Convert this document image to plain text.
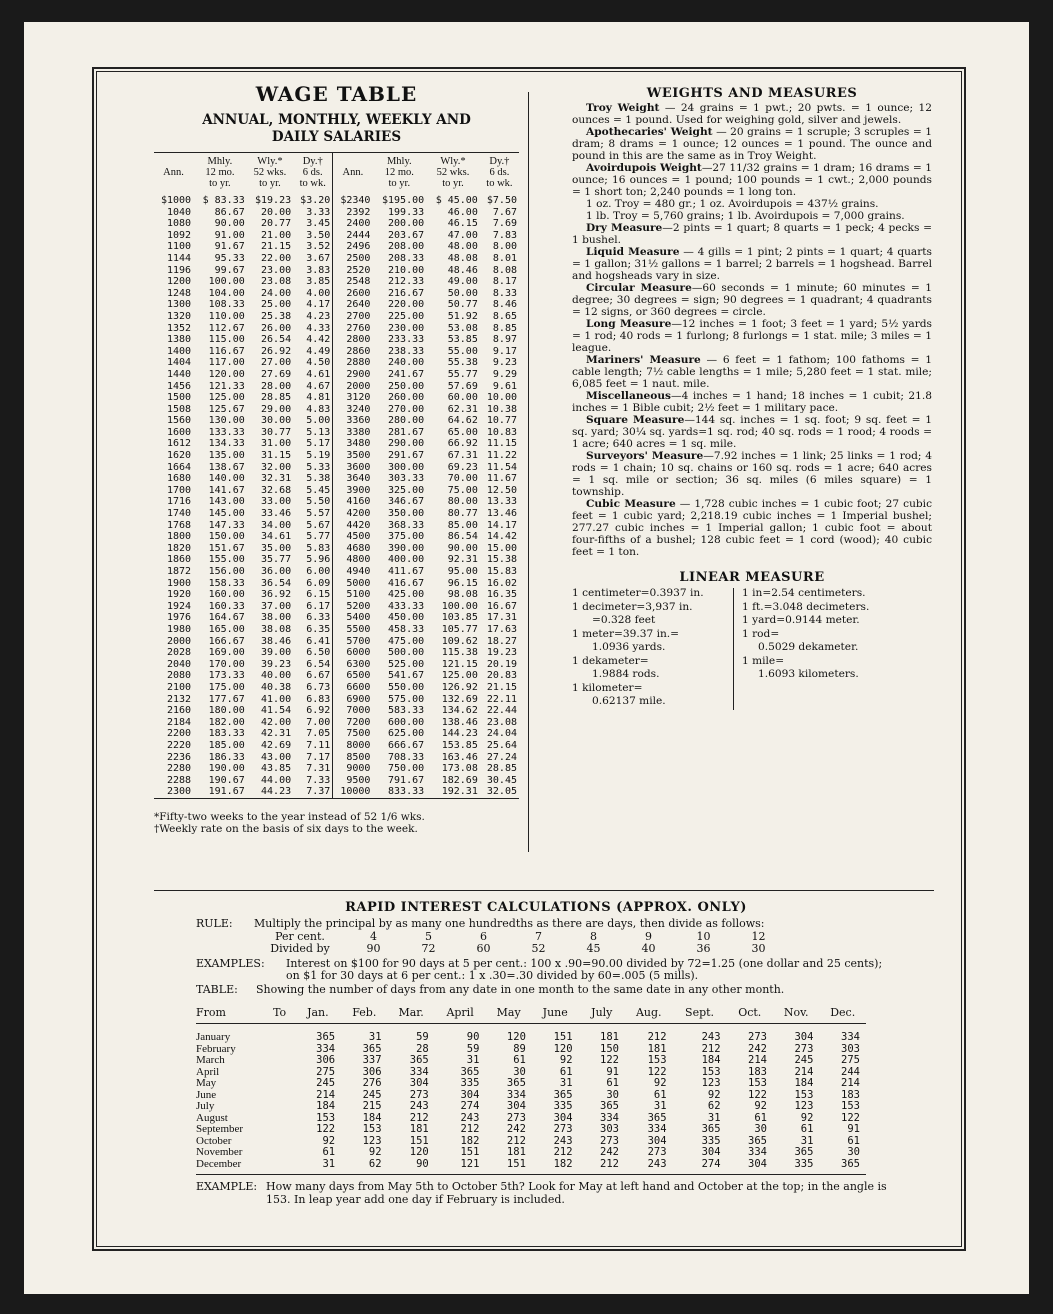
WAGE TABLE
ANNUAL, MONTHLY, WEEKLY AND
DAILY SALARIES
	Mhly.	Wly.*	Dy.†		Mhly.	Wly.*	Dy.†
Ann.	12 mo.	52 wks.	6 ds.	Ann.	12 mo.	52 wks.	6 ds.
	to yr.	to yr.	to wk.		to yr.	to yr.	to wk.
$1000	$ 83.33	$19.23	$3.20	$2340	$195.00	$ 45.00	$7.50
1040	86.67	20.00	3.33	2392	199.33	46.00	7.67
1080	90.00	20.77	3.45	2400	200.00	46.15	7.69
1092	91.00	21.00	3.50	2444	203.67	47.00	7.83
1100	91.67	21.15	3.52	2496	208.00	48.00	8.00
1144	95.33	22.00	3.67	2500	208.33	48.08	8.01
1196	99.67	23.00	3.83	2520	210.00	48.46	8.08
1200	100.00	23.08	3.85	2548	212.33	49.00	8.17
1248	104.00	24.00	4.00	2600	216.67	50.00	8.33
1300	108.33	25.00	4.17	2640	220.00	50.77	8.46
1320	110.00	25.38	4.23	2700	225.00	51.92	8.65
1352	112.67	26.00	4.33	2760	230.00	53.08	8.85
1380	115.00	26.54	4.42	2800	233.33	53.85	8.97
1400	116.67	26.92	4.49	2860	238.33	55.00	9.17
1404	117.00	27.00	4.50	2880	240.00	55.38	9.23
1440	120.00	27.69	4.61	2900	241.67	55.77	9.29
1456	121.33	28.00	4.67	2000	250.00	57.69	9.61
1500	125.00	28.85	4.81	3120	260.00	60.00	10.00
1508	125.67	29.00	4.83	3240	270.00	62.31	10.38
1560	130.00	30.00	5.00	3360	280.00	64.62	10.77
1600	133.33	30.77	5.13	3380	281.67	65.00	10.83
1612	134.33	31.00	5.17	3480	290.00	66.92	11.15
1620	135.00	31.15	5.19	3500	291.67	67.31	11.22
1664	138.67	32.00	5.33	3600	300.00	69.23	11.54
1680	140.00	32.31	5.38	3640	303.33	70.00	11.67
1700	141.67	32.68	5.45	3900	325.00	75.00	12.50
1716	143.00	33.00	5.50	4160	346.67	80.00	13.33
1740	145.00	33.46	5.57	4200	350.00	80.77	13.46
1768	147.33	34.00	5.67	4420	368.33	85.00	14.17
1800	150.00	34.61	5.77	4500	375.00	86.54	14.42
1820	151.67	35.00	5.83	4680	390.00	90.00	15.00
1860	155.00	35.77	5.96	4800	400.00	92.31	15.38
1872	156.00	36.00	6.00	4940	411.67	95.00	15.83
1900	158.33	36.54	6.09	5000	416.67	96.15	16.02
1920	160.00	36.92	6.15	5100	425.00	98.08	16.35
1924	160.33	37.00	6.17	5200	433.33	100.00	16.67
1976	164.67	38.00	6.33	5400	450.00	103.85	17.31
1980	165.00	38.08	6.35	5500	458.33	105.77	17.63
2000	166.67	38.46	6.41	5700	475.00	109.62	18.27
2028	169.00	39.00	6.50	6000	500.00	115.38	19.23
2040	170.00	39.23	6.54	6300	525.00	121.15	20.19
2080	173.33	40.00	6.67	6500	541.67	125.00	20.83
2100	175.00	40.38	6.73	6600	550.00	126.92	21.15
2132	177.67	41.00	6.83	6900	575.00	132.69	22.11
2160	180.00	41.54	6.92	7000	583.33	134.62	22.44
2184	182.00	42.00	7.00	7200	600.00	138.46	23.08
2200	183.33	42.31	7.05	7500	625.00	144.23	24.04
2220	185.00	42.69	7.11	8000	666.67	153.85	25.64
2236	186.33	43.00	7.17	8500	708.33	163.46	27.24
2280	190.00	43.85	7.31	9000	750.00	173.08	28.85
2288	190.67	44.00	7.33	9500	791.67	182.69	30.45
2300	191.67	44.23	7.37	10000	833.33	192.31	32.05

*Fifty-two weeks to the year instead of 52 1/6 wks.
†Weekly rate on the basis of six days to the week.
WEIGHTS AND MEASURES

Troy Weight — 24 grains = 1 pwt.; 20 pwts. = 1 ounce; 12 ounces = 1 pound. Used for weighing gold, silver and jewels.

Apothecaries' Weight — 20 grains = 1 scruple; 3 scruples = 1 dram; 8 drams = 1 ounce; 12 ounces = 1 pound. The ounce and pound in this are the same as in Troy Weight.

Avoirdupois Weight—27 11/32 grains = 1 dram; 16 drams = 1 ounce; 16 ounces = 1 pound; 100 pounds = 1 cwt.; 2,000 pounds = 1 short ton; 2,240 pounds = 1 long ton.

1 oz. Troy = 480 gr.; 1 oz. Avoirdupois = 437½ grains.

1 lb. Troy = 5,760 grains; 1 lb. Avoirdupois = 7,000 grains.

Dry Measure—2 pints = 1 quart; 8 quarts = 1 peck; 4 pecks = 1 bushel.

Liquid Measure — 4 gills = 1 pint; 2 pints = 1 quart; 4 quarts = 1 gallon; 31½ gallons = 1 barrel; 2 barrels = 1 hogshead. Barrel and hogsheads vary in size.

Circular Measure—60 seconds = 1 minute; 60 minutes = 1 degree; 30 degrees = sign; 90 degrees = 1 quadrant; 4 quadrants = 12 signs, or 360 degrees = circle.

Long Measure—12 inches = 1 foot; 3 feet = 1 yard; 5½ yards = 1 rod; 40 rods = 1 furlong; 8 furlongs = 1 stat. mile; 3 miles = 1 league.

Mariners' Measure — 6 feet = 1 fathom; 100 fathoms = 1 cable length; 7½ cable lengths = 1 mile; 5,280 feet = 1 stat. mile; 6,085 feet = 1 naut. mile.

Miscellaneous—4 inches = 1 hand; 18 inches = 1 cubit; 21.8 inches = 1 Bible cubit; 2½ feet = 1 military pace.

Square Measure—144 sq. inches = 1 sq. foot; 9 sq. feet = 1 sq. yard; 30¼ sq. yards=1 sq. rod; 40 sq. rods = 1 rood; 4 roods = 1 acre; 640 acres = 1 sq. mile.

Surveyors' Measure—7.92 inches = 1 link; 25 links = 1 rod; 4 rods = 1 chain; 10 sq. chains or 160 sq. rods = 1 acre; 640 acres = 1 sq. mile or section; 36 sq. miles (6 miles square) = 1 township.

Cubic Measure — 1,728 cubic inches = 1 cubic foot; 27 cubic feet = 1 cubic yard; 2,218.19 cubic inches = 1 Imperial bushel; 277.27 cubic inches = 1 Imperial gallon; 1 cubic foot = about four-fifths of a bushel; 128 cubic feet = 1 cord (wood); 40 cubic feet = 1 ton.

LINEAR MEASURE
1 centimeter=0.3937 in.
1 decimeter=3,937 in.
=0.328 feet
1 meter=39.37 in.=
1.0936 yards.
1 dekameter=
1.9884 rods.
1 kilometer=
0.62137 mile.
1 in=2.54 centimeters.
1 ft.=3.048 decimeters.
1 yard=0.9144 meter.
1 rod=
0.5029 dekameter.
1 mile=
1.6093 kilometers.
RAPID INTEREST CALCULATIONS (APPROX. ONLY)
RULE:	Multiply the principal by as many one hundredths as there are days, then divide as follows:
Per cent.	4	5	6	7	8	9	10	12
Divided by	90	72	60	52	45	40	36	30
EXAMPLES:	Interest on $100 for 90 days at 5 per cent.: 100 x .90=90.00 divided by 72=1.25 (one dollar and 25 cents); on $1 for 30 days at 6 per cent.: 1 x .30=.30 divided by 60=.005 (5 mills).
TABLE:	Showing the number of days from any date in one month to the same date in any other month.
From	To	Jan.	Feb.	Mar.	April	May	June	July	Aug.	Sept.	Oct.	Nov.	Dec.
January		365	31	59	90	120	151	181	212	243	273	304	334
February		334	365	28	59	89	120	150	181	212	242	273	303
March		306	337	365	31	61	92	122	153	184	214	245	275
April		275	306	334	365	30	61	91	122	153	183	214	244
May		245	276	304	335	365	31	61	92	123	153	184	214
June		214	245	273	304	334	365	30	61	92	122	153	183
July		184	215	243	274	304	335	365	31	62	92	123	153
August		153	184	212	243	273	304	334	365	31	61	92	122
September		122	153	181	212	242	273	303	334	365	30	61	91
October		92	123	151	182	212	243	273	304	335	365	31	61
November		61	92	120	151	181	212	242	273	304	334	365	30
December		31	62	90	121	151	182	212	243	274	304	335	365
EXAMPLE: How many days from May 5th to October 5th? Look for May at left hand and October at the top; in the angle is 153. In leap year add one day if February is included.
